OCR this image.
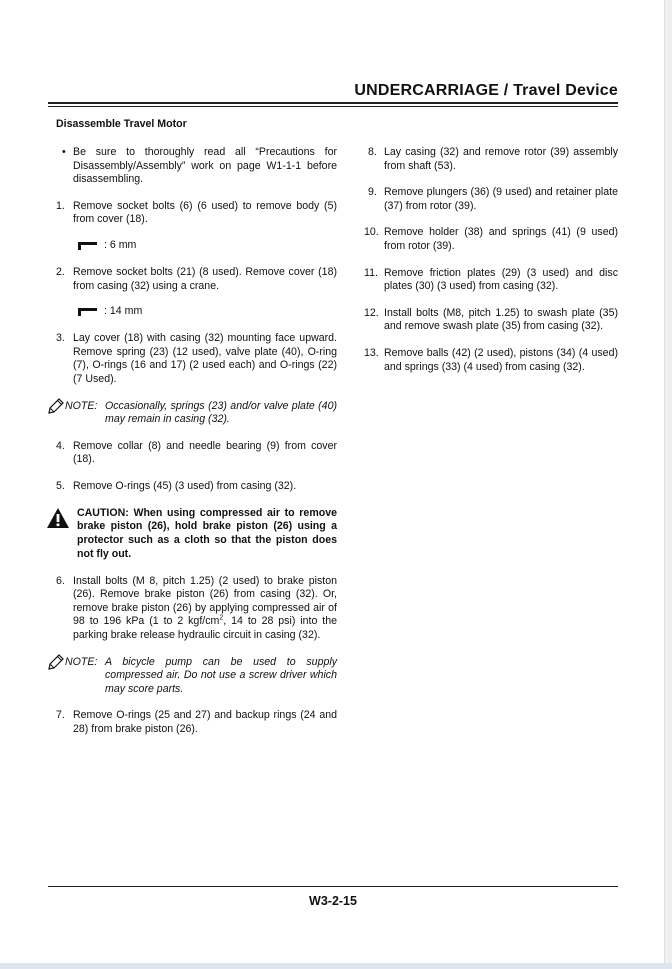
UNDERCARRIAGE / Travel Device
Disassemble Travel Motor
• Be sure to thoroughly read all “Precautions for Disassembly/Assembly” work on page W1-1-1 before disassembling.
1. Remove socket bolts (6) (6 used) to remove body (5) from cover (18).
: 6 mm
2. Remove socket bolts (21) (8 used). Remove cover (18) from casing (32) using a crane.
: 14 mm
3. Lay cover (18) with casing (32) mounting face upward. Remove spring (23) (12 used), valve plate (40), O-ring (7), O-rings (16 and 17) (2 used each) and O-rings (22) (7 Used).
NOTE: Occasionally, springs (23) and/or valve plate (40) may remain in casing (32).
4. Remove collar (8) and needle bearing (9) from cover (18).
5. Remove O-rings (45) (3 used) from casing (32).
CAUTION: When using compressed air to remove brake piston (26), hold brake piston (26) using a protector such as a cloth so that the piston does not fly out.
6. Install bolts (M 8, pitch 1.25) (2 used) to brake piston (26). Remove brake piston (26) from casing (32). Or, remove brake piston (26) by applying compressed air of 98 to 196 kPa (1 to 2 kgf/$cm^2$, 14 to 28 psi) into the parking brake release hydraulic circuit in casing (32).
NOTE: A bicycle pump can be used to supply compressed air. Do not use a screw driver which may score parts.
7. Remove O-rings (25 and 27) and backup rings (24 and 28) from brake piston (26).
8. Lay casing (32) and remove rotor (39) assembly from shaft (53).
9. Remove plungers (36) (9 used) and retainer plate (37) from rotor (39).
10. Remove holder (38) and springs (41) (9 used) from rotor (39).
11. Remove friction plates (29) (3 used) and disc plates (30) (3 used) from casing (32).
12. Install bolts (M8, pitch 1.25) to swash plate (35) and remove swash plate (35) from casing (32).
13. Remove balls (42) (2 used), pistons (34) (4 used) and springs (33) (4 used) from casing (32).
W3-2-15
